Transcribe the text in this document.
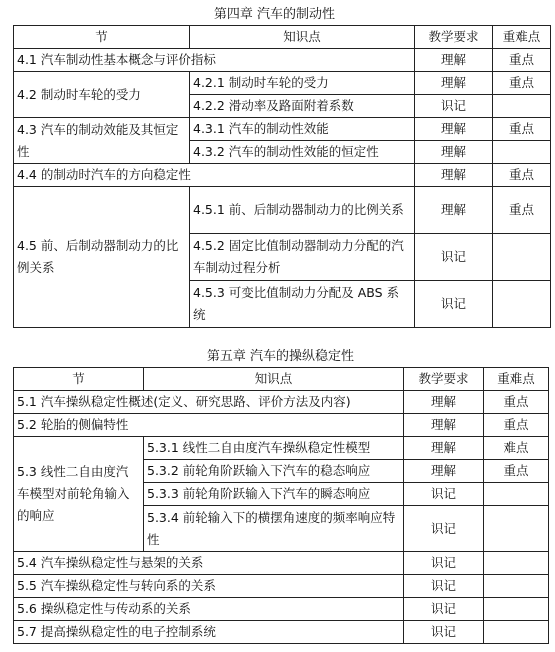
第四章 汽车的制动性
节	知识点	教学要求	重难点
4.1 汽车制动性基本概念与评价指标		理解	重点
4.2 制动时车轮的受力	4.2.1 制动时车轮的受力	理解	重点
	4.2.2 滑动率及路面附着系数	识记	
4.3 汽车的制动效能及其恒定性	4.3.1 汽车的制动性效能	理解	重点
	4.3.2 汽车的制动性效能的恒定性	理解	
4.4 的制动时汽车的方向稳定性		理解	重点
4.5 前、后制动器制动力的比例关系	4.5.1 前、后制动器制动力的比例关系	理解	重点
	4.5.2 固定比值制动器制动力分配的汽车制动过程分析	识记	
	4.5.3 可变比值制动力分配及 ABS 系统	识记	
第五章 汽车的操纵稳定性
节	知识点	教学要求	重难点
5.1 汽车操纵稳定性概述(定义、研究思路、评价方法及内容)		理解	重点
5.2 轮胎的侧偏特性		理解	重点
5.3 线性二自由度汽车模型对前轮角输入的响应	5.3.1 线性二自由度汽车操纵稳定性模型	理解	难点
	5.3.2 前轮角阶跃输入下汽车的稳态响应	理解	重点
	5.3.3 前轮角阶跃输入下汽车的瞬态响应	识记	
	5.3.4 前轮输入下的横摆角速度的频率响应特性	识记	
5.4 汽车操纵稳定性与悬架的关系		识记	
5.5 汽车操纵稳定性与转向系的关系		识记	
5.6 操纵稳定性与传动系的关系		识记	
5.7 提高操纵稳定性的电子控制系统		识记	
